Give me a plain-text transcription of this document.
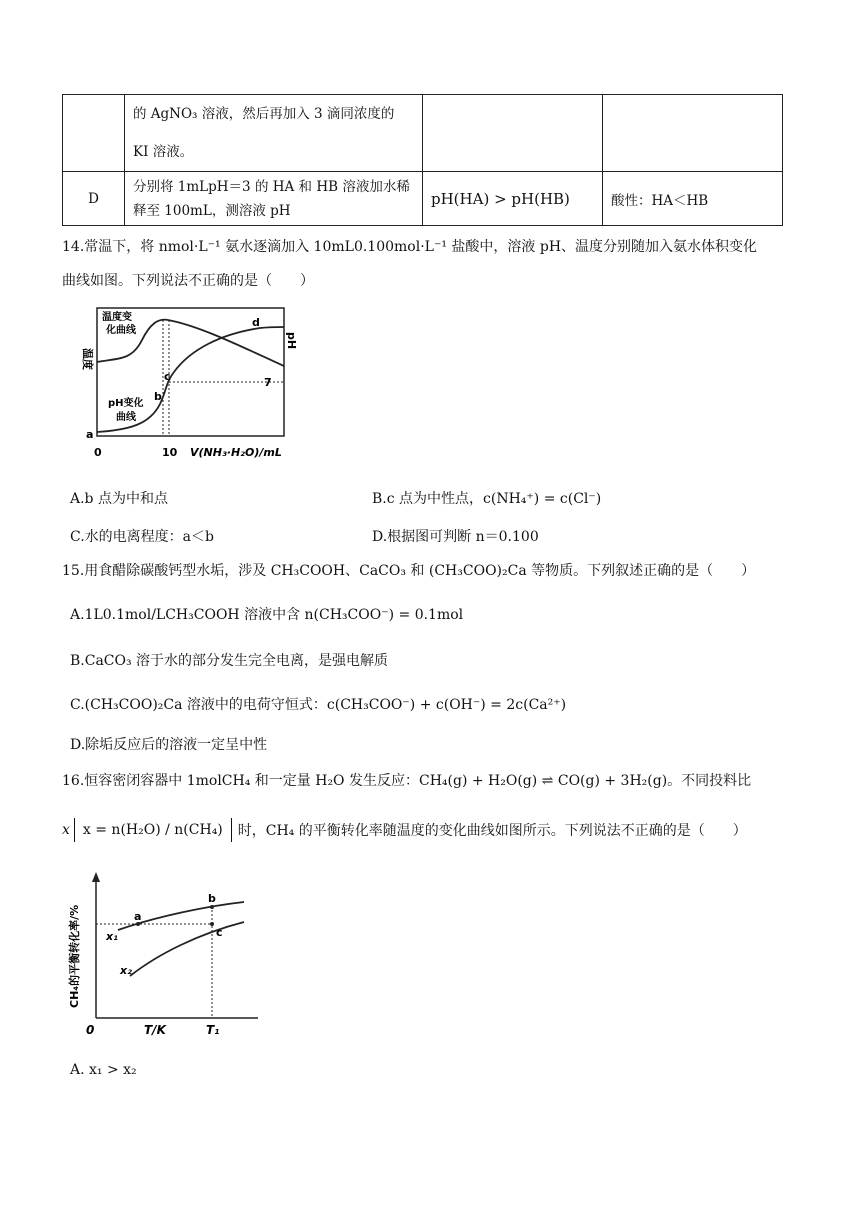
	的 AgNO₃ 溶液，然后再加入 3 滴同浓度的
KI 溶液。		

D	分别将 1mLpH＝3 的 HA 和 HB 溶液加水稀
释至 100mL，测溶液 pH	pH(HA) > pH(HB)	酸性：HA＜HB
14.常温下，将 nmol·L⁻¹ 氨水逐滴加入 10mL0.100mol·L⁻¹ 盐酸中，溶液 pH、温度分别随加入氨水体积变化
曲线如图。下列说法不正确的是（　　）
温度
pH
温度变
化曲线
pH变化
曲线
a
b
c
d
7
0	10 V(NH₃·H₂O)/mL
A.b 点为中和点	B.c 点为中性点，c(NH₄⁺) = c(Cl⁻)
C.水的电离程度：a＜b	D.根据图可判断 n＝0.100
15.用食醋除碳酸钙型水垢，涉及 CH₃COOH、CaCO₃ 和 (CH₃COO)₂Ca 等物质。下列叙述正确的是（　　）
A.1L0.1mol/LCH₃COOH 溶液中含 n(CH₃COO⁻) = 0.1mol
B.CaCO₃ 溶于水的部分发生完全电离，是强电解质
C.(CH₃COO)₂Ca 溶液中的电荷守恒式：c(CH₃COO⁻) + c(OH⁻) = 2c(Ca²⁺)
D.除垢反应后的溶液一定呈中性
16.恒容密闭容器中 1molCH₄ 和一定量 H₂O 发生反应：CH₄(g) + H₂O(g) ⇌ CO(g) + 3H₂(g)。不同投料比
x x = n(H₂O) / n(CH₄)	时，CH₄ 的平衡转化率随温度的变化曲线如图所示。下列说法不正确的是（　　）
CH₄的平衡转化率/%	a
b
c
x₁
x₂
0	T/K	T₁
A. x₁ > x₂
